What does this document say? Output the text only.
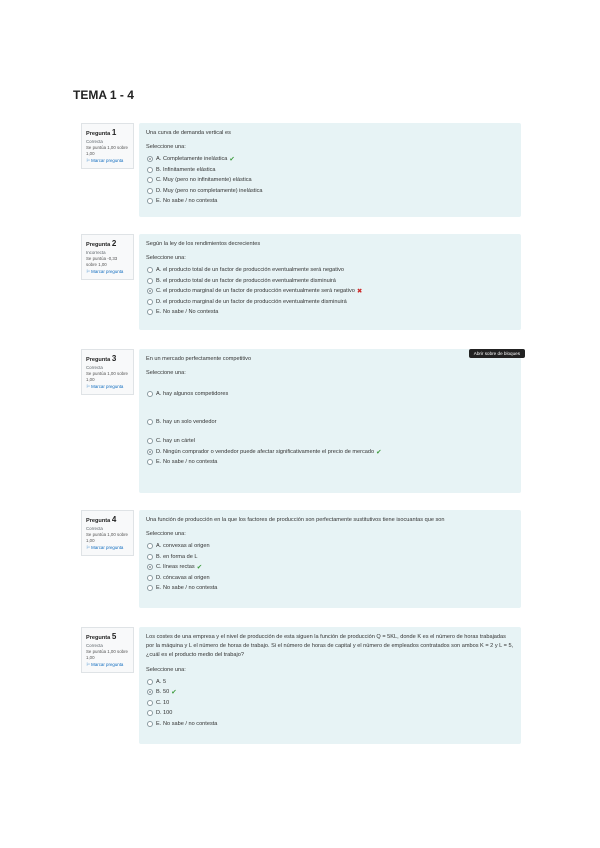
TEMA 1 - 4
Pregunta 1
Correcta
Se puntúa 1,00 sobre 1,00
⚐ Marcar pregunta
Una curva de demanda vertical es
Seleccione una:
A. Completamente inelástica ✔
B. Infinitamente elástica
C. Muy (pero no infinitamente) elástica
D. Muy (pero no completamente) inelástica
E. No sabe / no contesta
Pregunta 2
Incorrecta
Se puntúa -0,33 sobre 1,00
⚐ Marcar pregunta
Según la ley de los rendimientos decrecientes
Seleccione una:
A. el producto total de un factor de producción eventualmente será negativo
B. el producto total de un factor de producción eventualmente disminuirá
C. el producto marginal de un factor de producción eventualmente será negativo ✖
D. el producto marginal de un factor de producción eventualmente disminuirá
E. No sabe / No contesta
Pregunta 3
Correcta
Se puntúa 1,00 sobre 1,00
⚐ Marcar pregunta
Abrir sobre de bloques
En un mercado perfectamente competitivo
Seleccione una:
A. hay algunos competidores
B. hay un solo vendedor
C. hay un cártel
D. Ningún comprador o vendedor puede afectar significativamente el precio de mercado ✔
E. No sabe / no contesta
Pregunta 4
Correcta
Se puntúa 1,00 sobre 1,00
⚐ Marcar pregunta
Una función de producción en la que los factores de producción son perfectamente sustitutivos tiene isocuantas que son
Seleccione una:
A. convexas al origen
B. en forma de L
C. líneas rectas ✔
D. cóncavas al origen
E. No sabe / no contesta
Pregunta 5
Correcta
Se puntúa 1,00 sobre 1,00
⚐ Marcar pregunta
Los costes de una empresa y el nivel de producción de esta siguen la función de producción Q = 5KL, donde K es el número de horas trabajadas por la máquina y L el número de horas de trabajo. Si el número de horas de capital y el número de empleados contratados son ambos K = 2 y L = 5, ¿cuál es el producto medio del trabajo?
Seleccione una:
A. 5
B. 50 ✔
C. 10
D. 100
E. No sabe / no contesta
